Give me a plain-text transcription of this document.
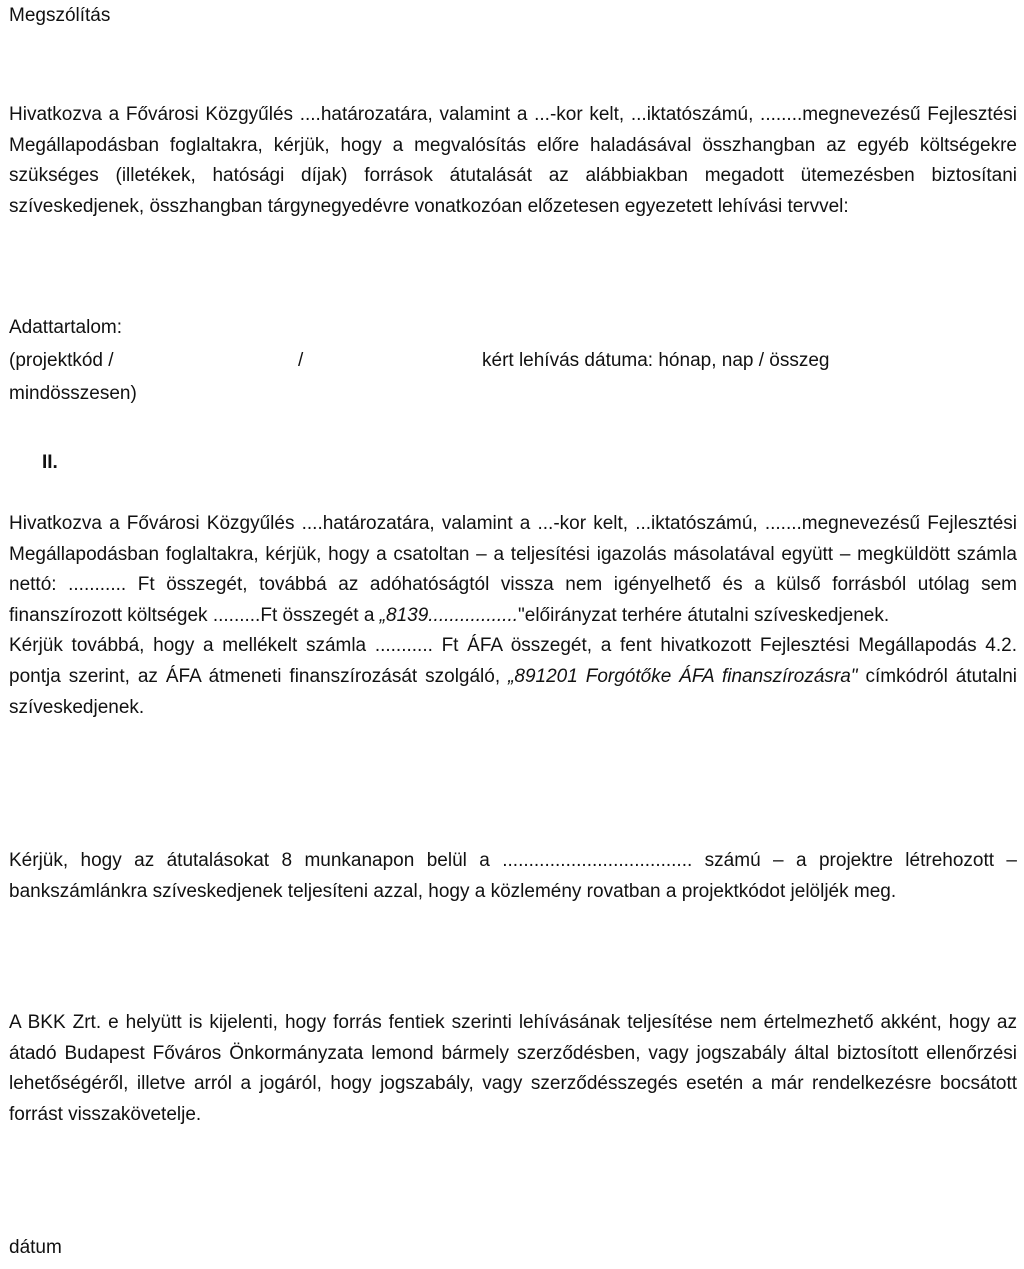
Megszólítás

Hivatkozva a Fővárosi Közgyűlés ....határozatára, valamint a ...-kor kelt, ...iktatószámú, ........megnevezésű Fejlesztési Megállapodásban foglaltakra, kérjük, hogy a megvalósítás előre haladásával összhangban az egyéb költségekre szükséges (illetékek, hatósági díjak) források átutalását az alábbiakban megadott ütemezésben biztosítani szíveskedjenek, összhangban tárgynegyedévre vonatkozóan előzetesen egyezetett lehívási tervvel:

Adattartalom:
(projektkód /	/	kért lehívás dátuma: hónap, nap / összeg
mindösszesen)
II.

Hivatkozva a Fővárosi Közgyűlés ....határozatára, valamint a ...-kor kelt, ...iktatószámú, .......megnevezésű Fejlesztési Megállapodásban foglaltakra, kérjük, hogy a csatoltan – a teljesítési igazolás másolatával együtt – megküldött számla nettó: ........... Ft összegét, továbbá az adóhatóságtól vissza nem igényelhető és a külső forrásból utólag sem finanszírozott költségek .........Ft összegét a „8139................."előirányzat terhére átutalni szíveskedjenek.
Kérjük továbbá, hogy a mellékelt számla ........... Ft ÁFA összegét, a fent hivatkozott Fejlesztési Megállapodás 4.2. pontja szerint, az ÁFA átmeneti finanszírozását szolgáló, „891201 Forgótőke ÁFA finanszírozásra" címkódról átutalni szíveskedjenek.

Kérjük, hogy az átutalásokat 8 munkanapon belül a .................................... számú – a projektre létrehozott – bankszámlánkra szíveskedjenek teljesíteni azzal, hogy a közlemény rovatban a projektkódot jelöljék meg.

A BKK Zrt. e helyütt is kijelenti, hogy forrás fentiek szerinti lehívásának teljesítése nem értelmezhető akként, hogy az átadó Budapest Főváros Önkormányzata lemond bármely szerződésben, vagy jogszabály által biztosított ellenőrzési lehetőségéről, illetve arról a jogáról, hogy jogszabály, vagy szerződésszegés esetén a már rendelkezésre bocsátott forrást visszakövetelje.

dátum
